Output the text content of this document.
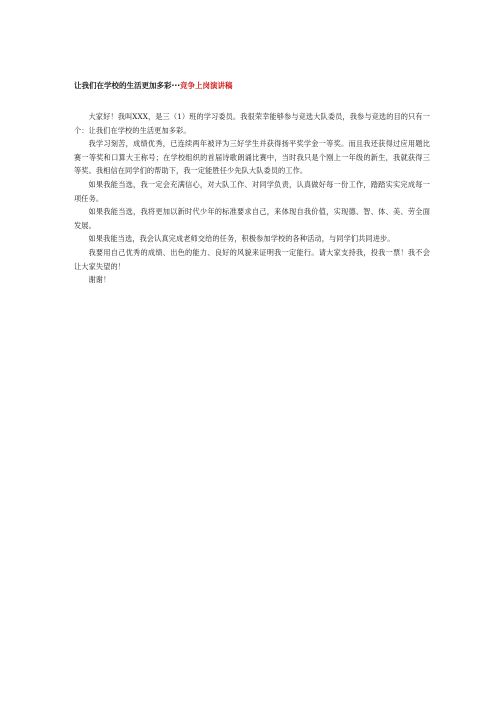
让我们在学校的生活更加多彩···竞争上岗演讲稿

大家好！我叫XXX，是三（1）班的学习委员。我很荣幸能够参与竞选大队委员，我参与竞选的目的只有一个：让我们在学校的生活更加多彩。

我学习刻苦，成绩优秀，已连续两年被评为三好学生并获得扬平奖学金一等奖。而且我还获得过应用题比赛一等奖和口算大王称号；在学校组织的首届诗歌朗诵比赛中，当时我只是个刚上一年级的新生，我就获得三等奖。我相信在同学们的帮助下，我一定能胜任少先队大队委员的工作。

如果我能当选，我一定会充满信心，对大队工作、对同学负责，认真做好每一份工作，踏踏实实完成每一项任务。

如果我能当选，我将更加以新时代少年的标准要求自己，来体现自我价值，实现德、智、体、美、劳全面发展。

如果我能当选，我会认真完成老师交给的任务，积极参加学校的各种活动，与同学们共同进步。

我要用自己优秀的成绩、出色的能力、良好的风貌来证明我一定能行。请大家支持我，投我一票！我不会让大家失望的！

谢谢！
